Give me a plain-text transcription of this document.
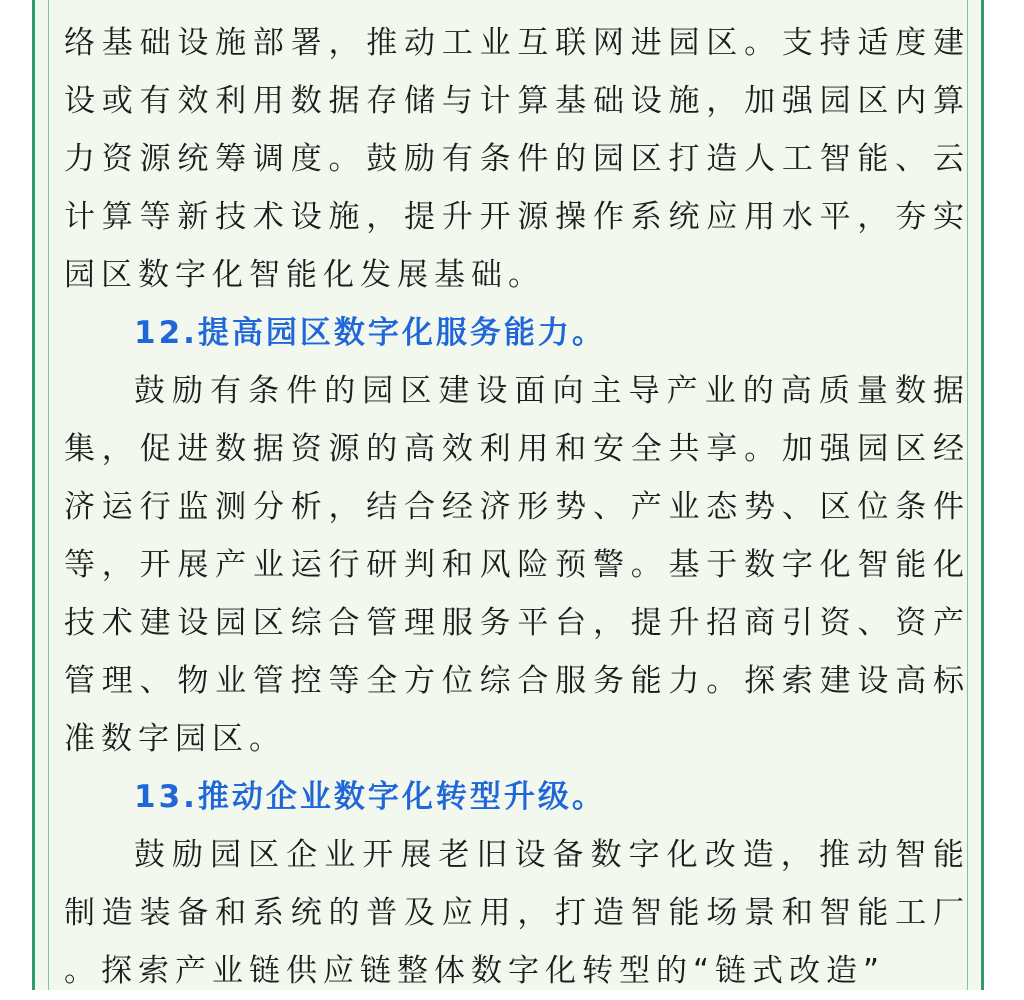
络基础设施部署，推动工业互联网进园区。支持适度建
设或有效利用数据存储与计算基础设施，加强园区内算
力资源统筹调度。鼓励有条件的园区打造人工智能、云
计算等新技术设施，提升开源操作系统应用水平，夯实
园区数字化智能化发展基础。
12.提高园区数字化服务能力。
鼓励有条件的园区建设面向主导产业的高质量数据
集，促进数据资源的高效利用和安全共享。加强园区经
济运行监测分析，结合经济形势、产业态势、区位条件
等，开展产业运行研判和风险预警。基于数字化智能化
技术建设园区综合管理服务平台，提升招商引资、资产
管理、物业管控等全方位综合服务能力。探索建设高标
准数字园区。
13.推动企业数字化转型升级。
鼓励园区企业开展老旧设备数字化改造，推动智能
制造装备和系统的普及应用，打造智能场景和智能工厂
。探索产业链供应链整体数字化转型的“链式改造”
